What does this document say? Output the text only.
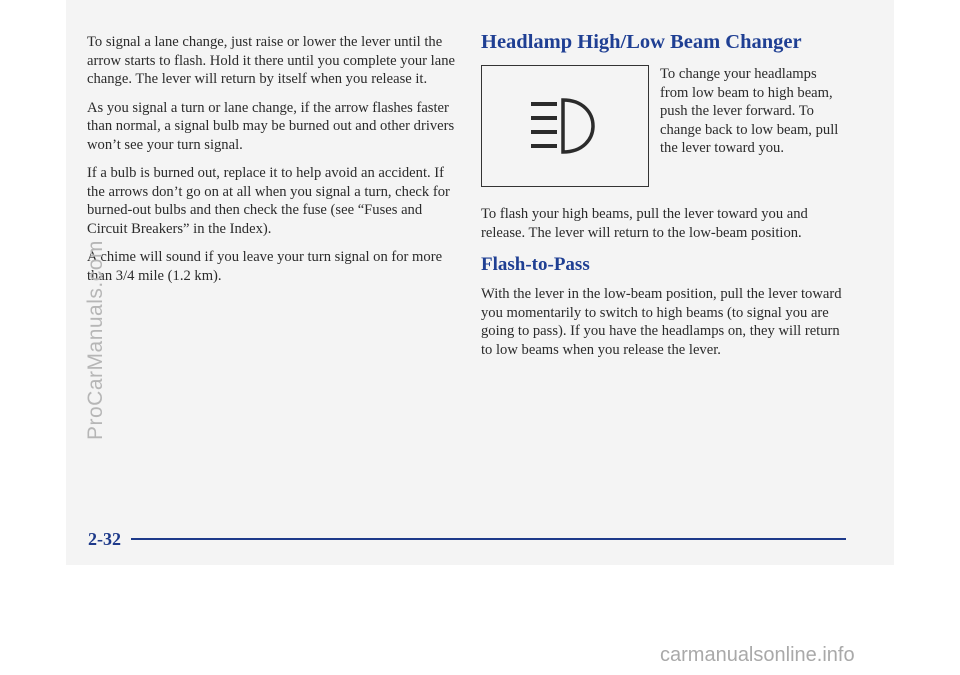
To signal a lane change, just raise or lower the lever until the arrow starts to flash. Hold it there until you complete your lane change. The lever will return by itself when you release it.

As you signal a turn or lane change, if the arrow flashes faster than normal, a signal bulb may be burned out and other drivers won’t see your turn signal.

If a bulb is burned out, replace it to help avoid an accident. If the arrows don’t go on at all when you signal a turn, check for burned-out bulbs and then check the fuse (see “Fuses and Circuit Breakers” in the Index).

A chime will sound if you leave your turn signal on for more than 3/4 mile (1.2 km).

Headlamp High/Low Beam Changer

To change your headlamps from low beam to high beam, push the lever forward. To change back to low beam, pull the lever toward you.

To flash your high beams, pull the lever toward you and release. The lever will return to the low-beam position.

Flash-to-Pass

With the lever in the low-beam position, pull the lever toward you momentarily to switch to high beams (to signal you are going to pass). If you have the headlamps on, they will return to low beams when you release the lever.

2-32
ProCarManuals.com
carmanualsonline.info
